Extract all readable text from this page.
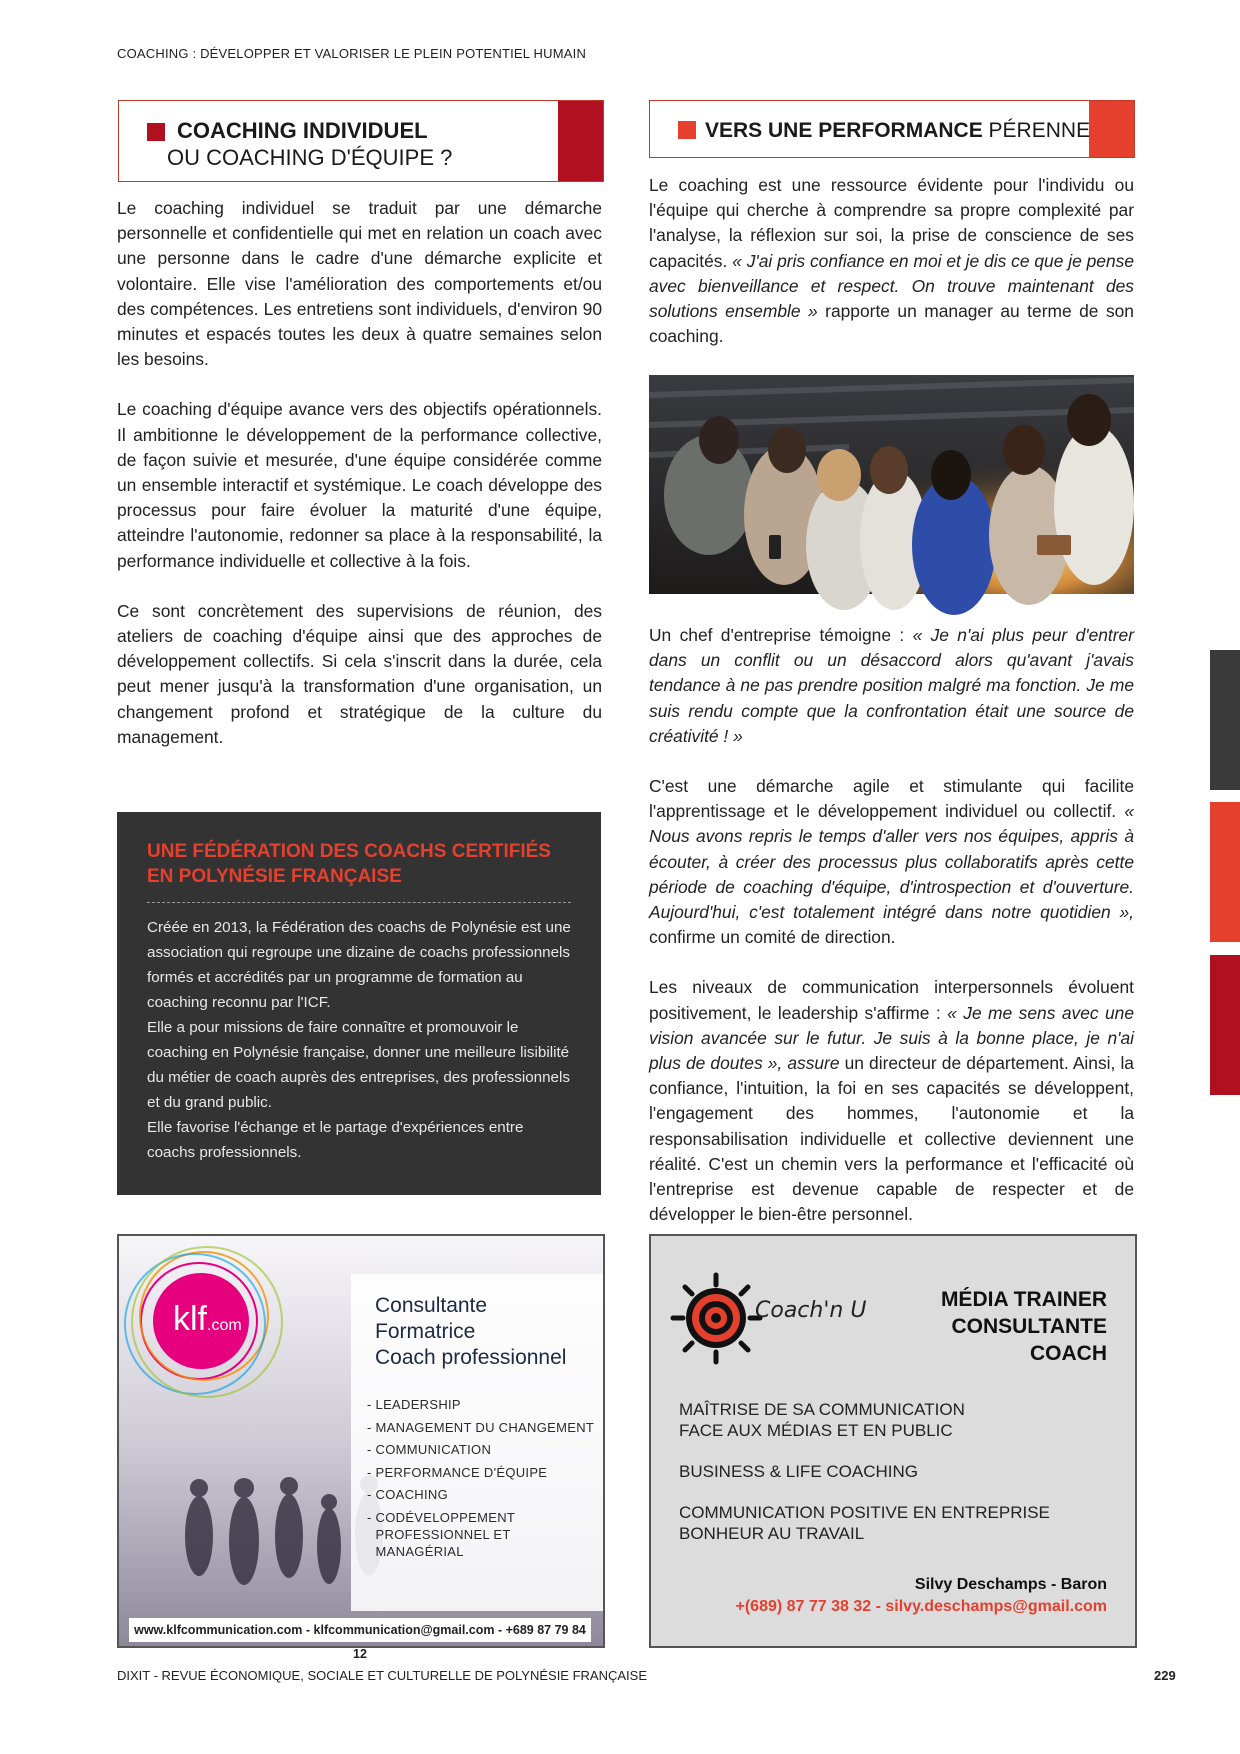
COACHING : DÉVELOPPER ET VALORISER LE PLEIN POTENTIEL HUMAIN
COACHING INDIVIDUEL
OU COACHING D'ÉQUIPE ?

Le coaching individuel se traduit par une démarche personnelle et confidentielle qui met en relation un coach avec une personne dans le cadre d'une démarche explicite et volontaire. Elle vise l'amélioration des comportements et/ou des compétences. Les entretiens sont individuels, d'environ 90 minutes et espacés toutes les deux à quatre semaines selon les besoins.

Le coaching d'équipe avance vers des objectifs opérationnels. Il ambitionne le développement de la performance collective, de façon suivie et mesurée, d'une équipe considérée comme un ensemble interactif et systémique. Le coach développe des processus pour faire évoluer la maturité d'une équipe, atteindre l'autonomie, redonner sa place à la responsabilité, la performance individuelle et collective à la fois.

Ce sont concrètement des supervisions de réunion, des ateliers de coaching d'équipe ainsi que des approches de développement collectifs. Si cela s'inscrit dans la durée, cela peut mener jusqu'à la transformation d'une organisation, un changement profond et stratégique de la culture du management.

UNE FÉDÉRATION DES COACHS CERTIFIÉS
EN POLYNÉSIE FRANÇAISE

Créée en 2013, la Fédération des coachs de Polynésie est une association qui regroupe une dizaine de coachs professionnels formés et accrédités par un programme de formation au coaching reconnu par l'ICF.

Elle a pour missions de faire connaître et promouvoir le coaching en Polynésie française, donner une meilleure lisibilité du métier de coach auprès des entreprises, des professionnels et du grand public.

Elle favorise l'échange et le partage d'expériences entre coachs professionnels.

VERS UNE PERFORMANCE PÉRENNE

Le coaching est une ressource évidente pour l'individu ou l'équipe qui cherche à comprendre sa propre complexité par l'analyse, la réflexion sur soi, la prise de conscience de ses capacités. « J'ai pris confiance en moi et je dis ce que je pense avec bienveillance et respect. On trouve maintenant des solutions ensemble » rapporte un manager au terme de son coaching.

Un chef d'entreprise témoigne : « Je n'ai plus peur d'entrer dans un conflit ou un désaccord alors qu'avant j'avais tendance à ne pas prendre position malgré ma fonction. Je me suis rendu compte que la confrontation était une source de créativité ! »

C'est une démarche agile et stimulante qui facilite l'apprentissage et le développement individuel ou collectif. « Nous avons repris le temps d'aller vers nos équipes, appris à écouter, à créer des processus plus collaboratifs après cette période de coaching d'équipe, d'introspection et d'ouverture. Aujourd'hui, c'est totalement intégré dans notre quotidien », confirme un comité de direction.

Les niveaux de communication interpersonnels évoluent positivement, le leadership s'affirme : « Je me sens avec une vision avancée sur le futur. Je suis à la bonne place, je n'ai plus de doutes », assure un directeur de département. Ainsi, la confiance, l'intuition, la foi en ses capacités se développent, l'engagement des hommes, l'autonomie et la responsabilisation individuelle et collective deviennent une réalité. C'est un chemin vers la performance et l'efficacité où l'entreprise est devenue capable de respecter et de développer le bien-être personnel.

klf.com
Consultante
Formatrice
Coach professionnel
- LEADERSHIP
- MANAGEMENT DU CHANGEMENT
- COMMUNICATION
- PERFORMANCE D'ÉQUIPE
- COACHING
- CODÉVELOPPEMENT PROFESSIONNEL ET MANAGÉRIAL
www.klfcommunication.com - klfcommunication@gmail.com - +689 87 79 84 12
Coach'n U	MÉDIA TRAINER
CONSULTANTE
COACH
MAÎTRISE DE SA COMMUNICATION
FACE AUX MÉDIAS ET EN PUBLIC
BUSINESS & LIFE COACHING
COMMUNICATION POSITIVE EN ENTREPRISE
BONHEUR AU TRAVAIL
Silvy Deschamps - Baron
+(689) 87 77 38 32 - silvy.deschamps@gmail.com
DIXIT - REVUE ÉCONOMIQUE, SOCIALE ET CULTURELLE DE POLYNÉSIE FRANÇAISE	229
